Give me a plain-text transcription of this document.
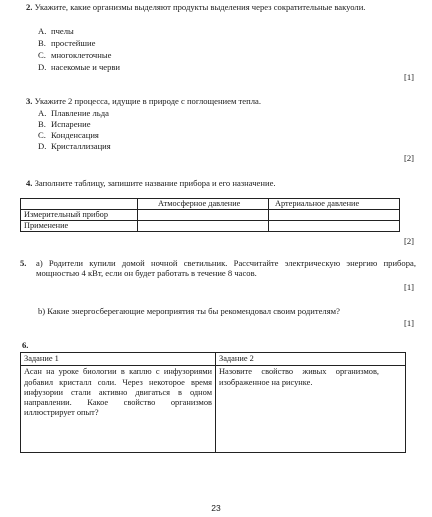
2. Укажите, какие организмы выделяют продукты выделения через сократительные вакуоли.
A. пчелы
B. простейшие
C. многоклеточные
D. насекомые и черви
[1]
3. Укажите 2 процесса, идущие в природе с поглощением тепла.
A. Плавление льда
B. Испарение
C. Конденсация
D. Кристаллизация
[2]
4. Заполните таблицу, запишите название прибора и его назначение.
	Атмосферное давление	Артериальное давление
Измерительный прибор		
Применение		
[2]
5. a) Родители купили домой ночной светильник. Рассчитайте электрическую энергию прибора, мощностью 4 кВт, если он будет работать в течение 8 часов.
[1]
b) Какие энергосберегающие мероприятия ты бы рекомендовал своим родителям?
[1]
6.
Задание 1	Задание 2
Асан на уроке биологии в каплю с инфузориями добавил кристалл соли. Через некоторое время инфузории стали активно двигаться в одном направлении. Какое свойство организмов иллюстрирует опыт?	Назовите свойство живых организмов, изображенное на рисунке.
23
